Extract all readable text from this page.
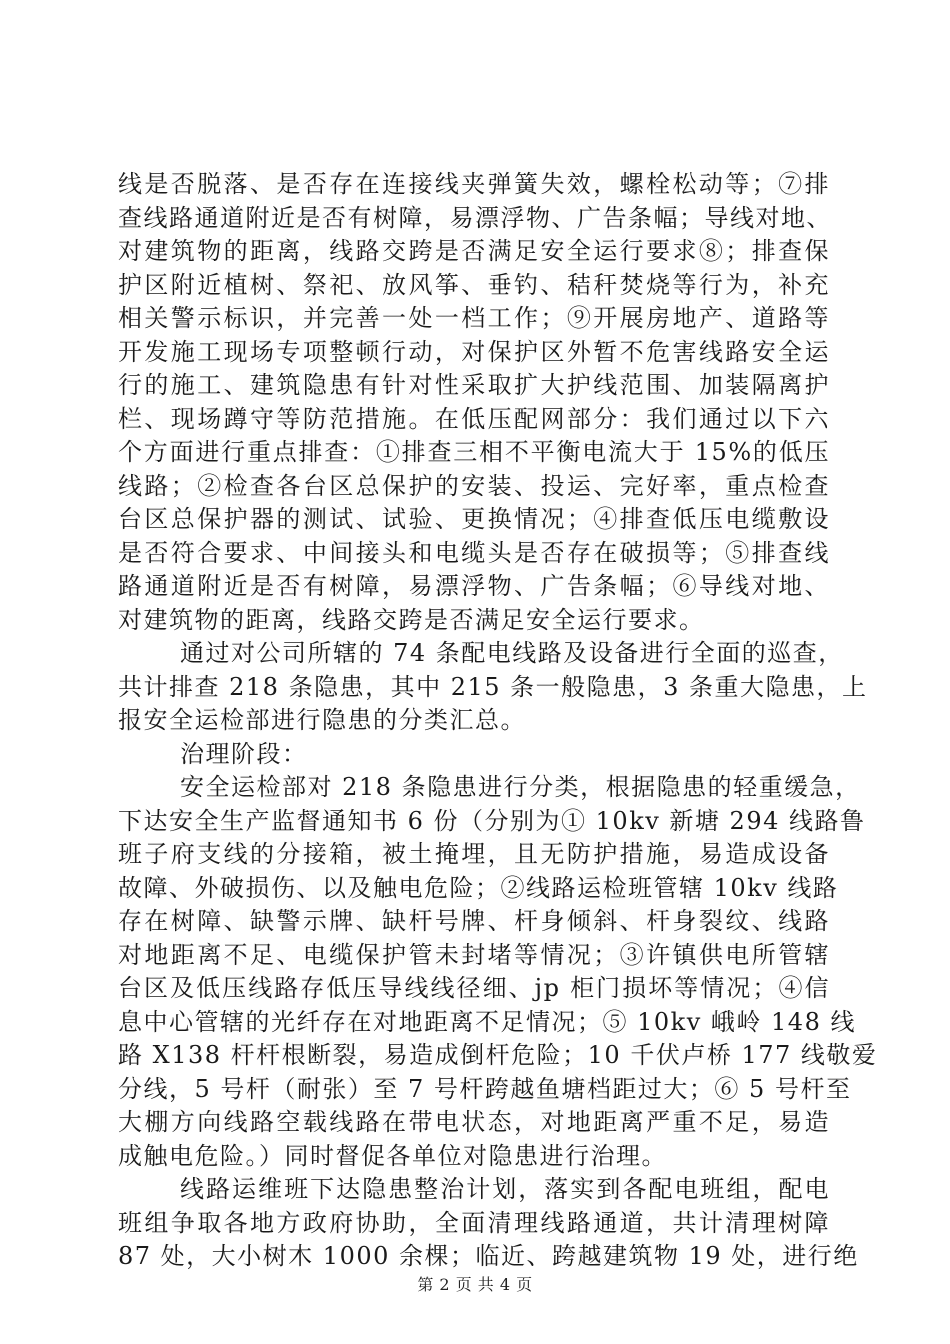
线是否脱落、是否存在连接线夹弹簧失效，螺栓松动等；⑦排
查线路通道附近是否有树障，易漂浮物、广告条幅；导线对地、
对建筑物的距离，线路交跨是否满足安全运行要求⑧；排查保
护区附近植树、祭祀、放风筝、垂钓、秸秆焚烧等行为，补充
相关警示标识，并完善一处一档工作；⑨开展房地产、道路等
开发施工现场专项整顿行动，对保护区外暂不危害线路安全运
行的施工、建筑隐患有针对性采取扩大护线范围、加装隔离护
栏、现场蹲守等防范措施。在低压配网部分：我们通过以下六
个方面进行重点排查：①排查三相不平衡电流大于 15%的低压
线路；②检查各台区总保护的安装、投运、完好率，重点检查
台区总保护器的测试、试验、更换情况；④排查低压电缆敷设
是否符合要求、中间接头和电缆头是否存在破损等；⑤排查线
路通道附近是否有树障，易漂浮物、广告条幅；⑥导线对地、
对建筑物的距离，线路交跨是否满足安全运行要求。
通过对公司所辖的 74 条配电线路及设备进行全面的巡查，
共计排查 218 条隐患，其中 215 条一般隐患，3 条重大隐患，上
报安全运检部进行隐患的分类汇总。
治理阶段：
安全运检部对 218 条隐患进行分类，根据隐患的轻重缓急，
下达安全生产监督通知书 6 份（分别为① 10kv 新塘 294 线路鲁
班子府支线的分接箱，被土掩埋，且无防护措施，易造成设备
故障、外破损伤、以及触电危险；②线路运检班管辖 10kv 线路
存在树障、缺警示牌、缺杆号牌、杆身倾斜、杆身裂纹、线路
对地距离不足、电缆保护管未封堵等情况；③许镇供电所管辖
台区及低压线路存低压导线线径细、jp 柜门损坏等情况；④信
息中心管辖的光纤存在对地距离不足情况；⑤ 10kv 峨岭 148 线
路 X138 杆杆根断裂，易造成倒杆危险；10 千伏卢桥 177 线敬爱
分线，5 号杆（耐张）至 7 号杆跨越鱼塘档距过大；⑥ 5 号杆至
大棚方向线路空载线路在带电状态，对地距离严重不足，易造
成触电危险。）同时督促各单位对隐患进行治理。
线路运维班下达隐患整治计划，落实到各配电班组，配电
班组争取各地方政府协助，全面清理线路通道，共计清理树障
87 处，大小树木 1000 余棵；临近、跨越建筑物 19 处，进行绝
第 2 页 共 4 页
